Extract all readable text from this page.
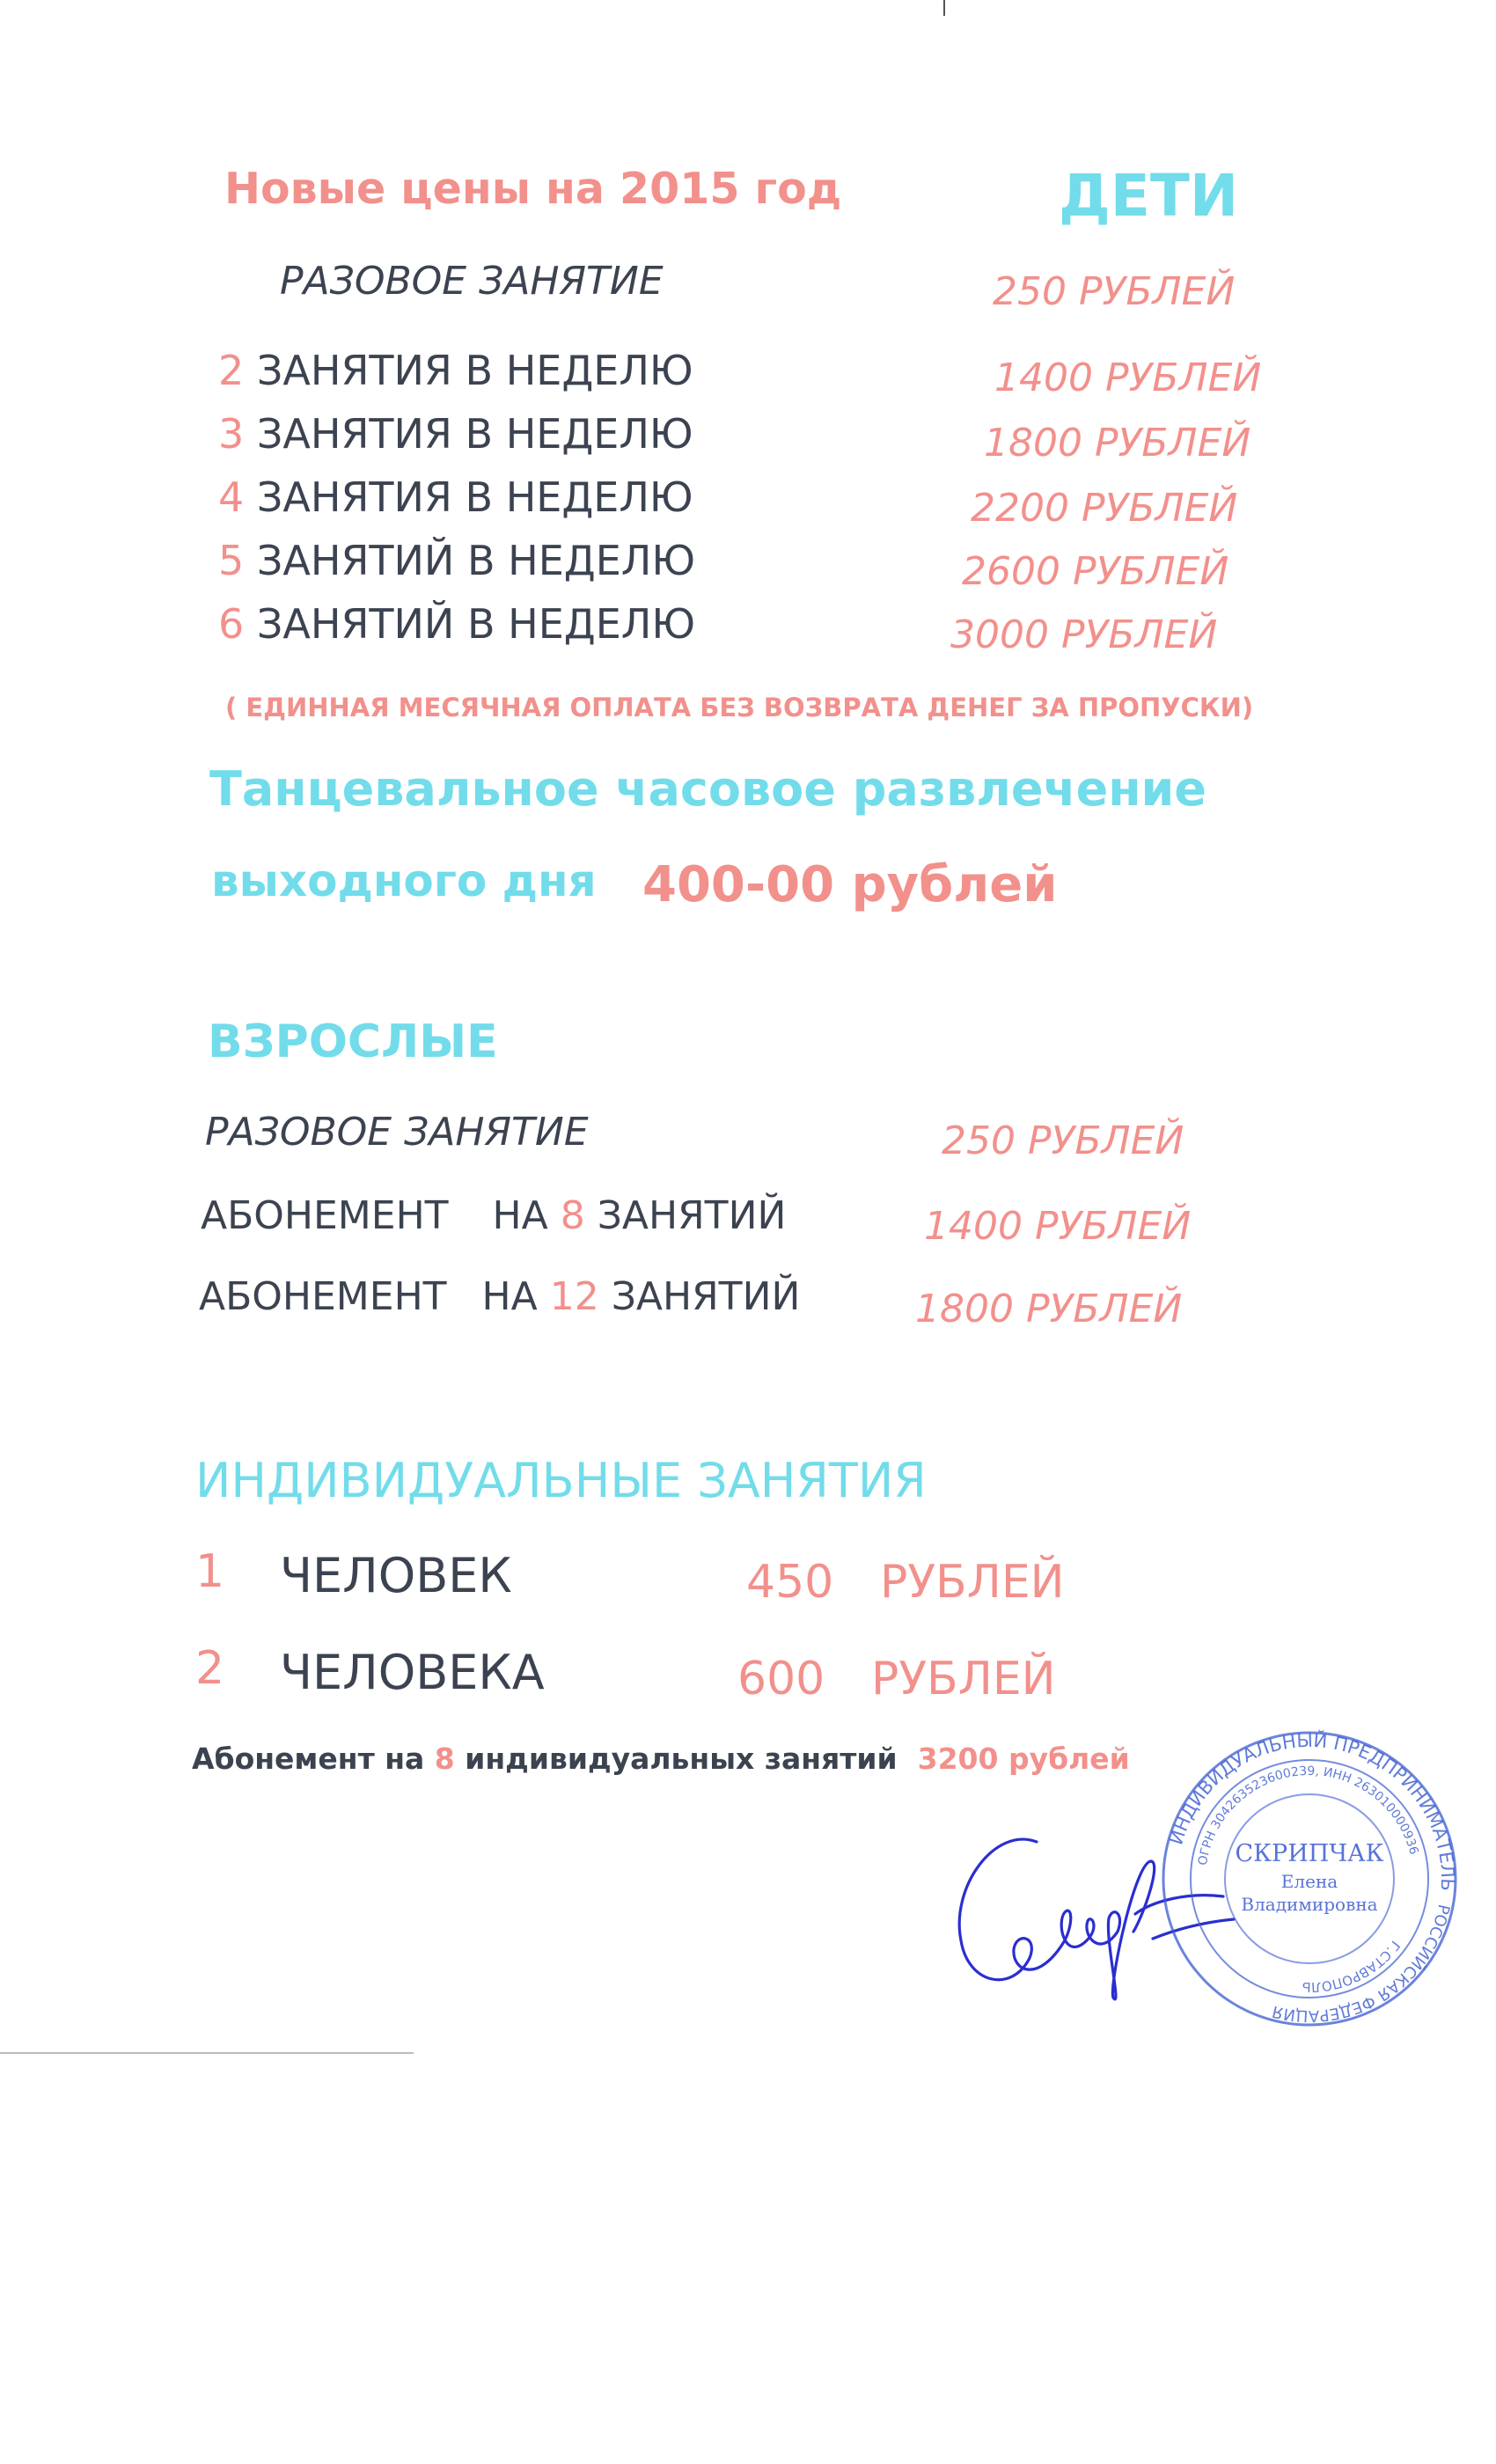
Новые цены на 2015 год	ДЕТИ
РАЗОВОЕ ЗАНЯТИЕ	250 РУБЛЕЙ
2 ЗАНЯТИЯ В НЕДЕЛЮ	1400 РУБЛЕЙ
3 ЗАНЯТИЯ В НЕДЕЛЮ	1800 РУБЛЕЙ
4 ЗАНЯТИЯ В НЕДЕЛЮ	2200 РУБЛЕЙ
5 ЗАНЯТИЙ В НЕДЕЛЮ	2600 РУБЛЕЙ
6 ЗАНЯТИЙ В НЕДЕЛЮ	3000 РУБЛЕЙ
( ЕДИННАЯ МЕСЯЧНАЯ ОПЛАТА БЕЗ ВОЗВРАТА ДЕНЕГ ЗА ПРОПУСКИ)
Танцевальное часовое развлечение
выходного дня 400-00 рублей
ВЗРОСЛЫЕ
РАЗОВОЕ ЗАНЯТИЕ	250 РУБЛЕЙ
АБОНЕМЕНТ НА 8 ЗАНЯТИЙ	1400 РУБЛЕЙ
АБОНЕМЕНТ НА 12 ЗАНЯТИЙ	1800 РУБЛЕЙ
ИНДИВИДУАЛЬНЫЕ ЗАНЯТИЯ
1 ЧЕЛОВЕК	450 РУБЛЕЙ
2 ЧЕЛОВЕКА	600 РУБЛЕЙ
Абонемент на 8 индивидуальных занятий 3200 рублей
ИНДИВИДУАЛЬНЫЙ ПРЕДПРИНИМАТЕЛЬ
РОССИЙСКАЯ ФЕДЕРАЦИЯ
ОГРН 304263523600239, ИНН 263010000936
Г.СТАВРОПОЛЬ
СКРИПЧАК
Елена
Владимировна
